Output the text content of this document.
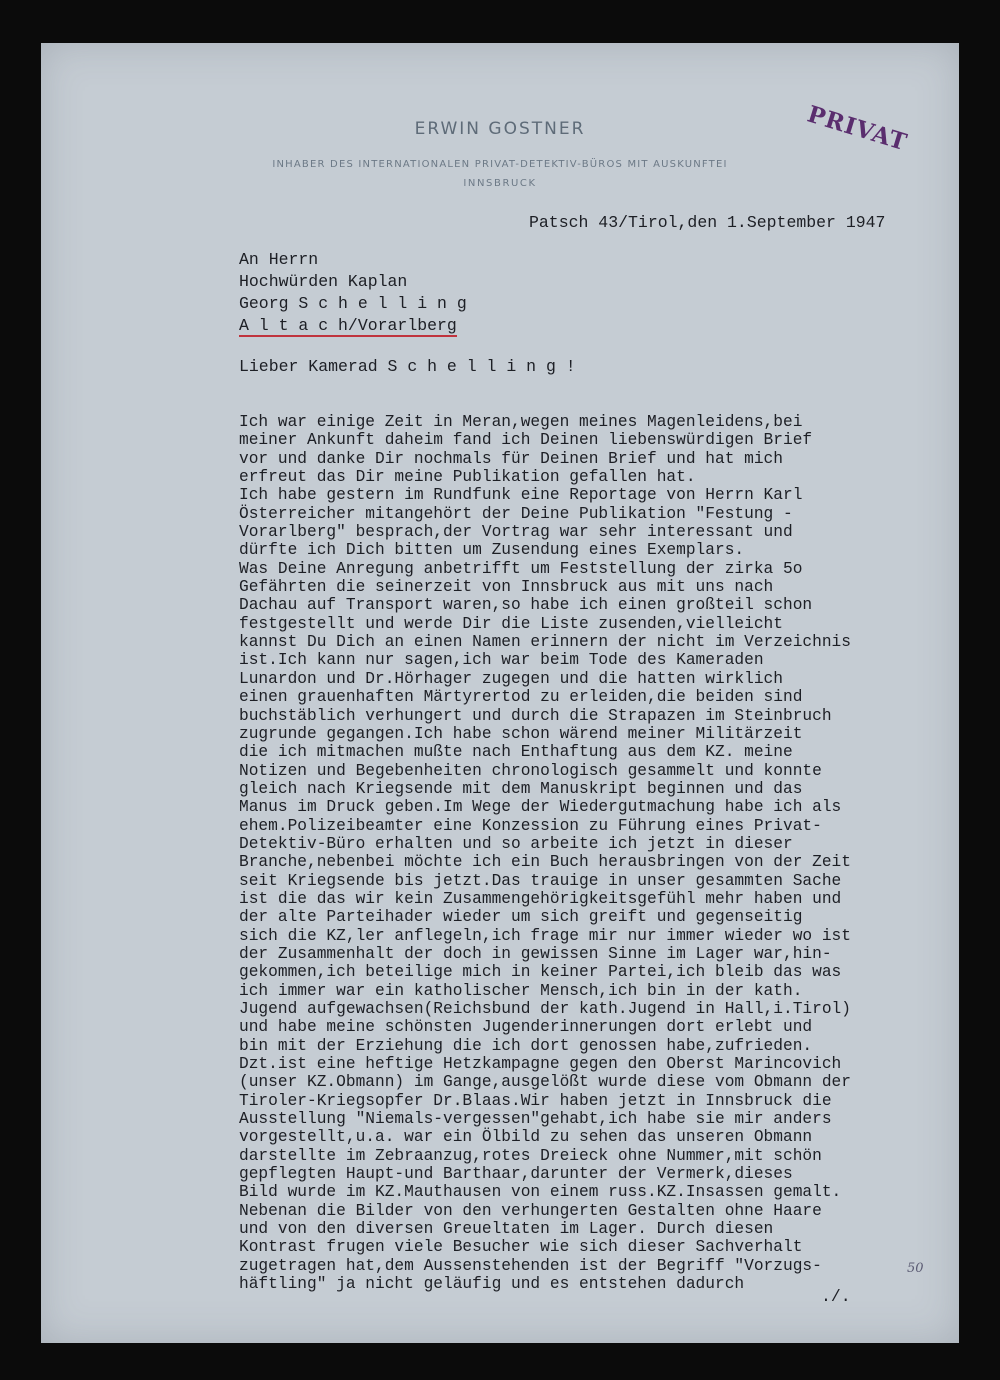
ERWIN GOSTNER
INHABER DES INTERNATIONALEN PRIVAT-DETEKTIV-BÜROS MIT AUSKUNFTEI
INNSBRUCK
PRIVAT
Patsch 43/Tirol,den 1.September 1947
An Herrn
Hochwürden Kaplan
Georg S c h e l l i n g
A l t a c h/Vorarlberg
Lieber Kamerad S c h e l l i n g !
Ich war einige Zeit in Meran,wegen meines Magenleidens,bei
meiner Ankunft daheim fand ich Deinen liebenswürdigen Brief
vor und danke Dir nochmals für Deinen Brief und hat mich
erfreut das Dir meine Publikation gefallen hat.
Ich habe gestern im Rundfunk eine Reportage von Herrn Karl
Österreicher mitangehört der Deine Publikation "Festung -
Vorarlberg" besprach,der Vortrag war sehr interessant und
dürfte ich Dich bitten um Zusendung eines Exemplars.
Was Deine Anregung anbetrifft um Feststellung der zirka 5o
Gefährten die seinerzeit von Innsbruck aus mit uns nach
Dachau auf Transport waren,so habe ich einen großteil schon
festgestellt und werde Dir die Liste zusenden,vielleicht
kannst Du Dich an einen Namen erinnern der nicht im Verzeichnis
ist.Ich kann nur sagen,ich war beim Tode des Kameraden
Lunardon und Dr.Hörhager zugegen und die hatten wirklich
einen grauenhaften Märtyrertod zu erleiden,die beiden sind
buchstäblich verhungert und durch die Strapazen im Steinbruch
zugrunde gegangen.Ich habe schon wärend meiner Militärzeit
die ich mitmachen mußte nach Enthaftung aus dem KZ. meine
Notizen und Begebenheiten chronologisch gesammelt und konnte
gleich nach Kriegsende mit dem Manuskript beginnen und das
Manus im Druck geben.Im Wege der Wiedergutmachung habe ich als
ehem.Polizeibeamter eine Konzession zu Führung eines Privat-
Detektiv-Büro erhalten und so arbeite ich jetzt in dieser
Branche,nebenbei möchte ich ein Buch herausbringen von der Zeit
seit Kriegsende bis jetzt.Das trauige in unser gesammten Sache
ist die das wir kein Zusammengehörigkeitsgefühl mehr haben und
der alte Parteihader wieder um sich greift und gegenseitig
sich die KZ,ler anflegeln,ich frage mir nur immer wieder wo ist
der Zusammenhalt der doch in gewissen Sinne im Lager war,hin-
gekommen,ich beteilige mich in keiner Partei,ich bleib das was
ich immer war ein katholischer Mensch,ich bin in der kath.
Jugend aufgewachsen(Reichsbund der kath.Jugend in Hall,i.Tirol)
und habe meine schönsten Jugenderinnerungen dort erlebt und
bin mit der Erziehung die ich dort genossen habe,zufrieden.
Dzt.ist eine heftige Hetzkampagne gegen den Oberst Marincovich
(unser KZ.Obmann) im Gange,ausgelößt wurde diese vom Obmann der
Tiroler-Kriegsopfer Dr.Blaas.Wir haben jetzt in Innsbruck die
Ausstellung "Niemals-vergessen"gehabt,ich habe sie mir anders
vorgestellt,u.a. war ein Ölbild zu sehen das unseren Obmann
darstellte im Zebraanzug,rotes Dreieck ohne Nummer,mit schön
gepflegten Haupt-und Barthaar,darunter der Vermerk,dieses
Bild wurde im KZ.Mauthausen von einem russ.KZ.Insassen gemalt.
Nebenan die Bilder von den verhungerten Gestalten ohne Haare
und von den diversen Greueltaten im Lager. Durch diesen
Kontrast frugen viele Besucher wie sich dieser Sachverhalt
zugetragen hat,dem Aussenstehenden ist der Begriff "Vorzugs-
häftling" ja nicht geläufig und es entstehen dadurch
./.
50
